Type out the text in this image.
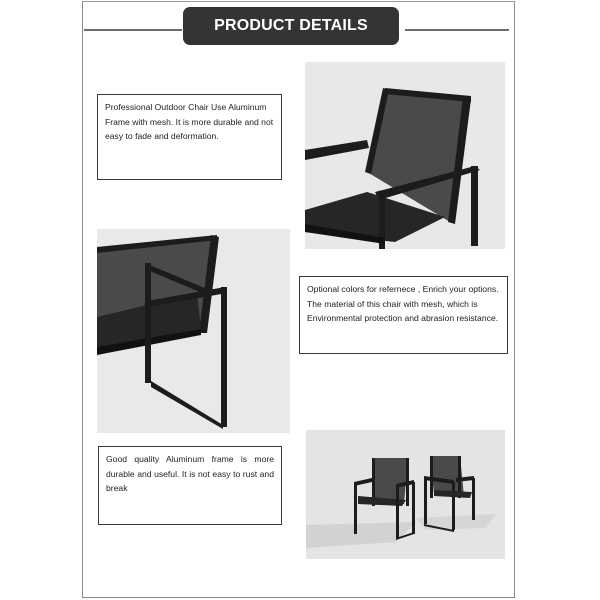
PRODUCT DETAILS
Professional Outdoor Chair Use Aluminum Frame with mesh. It is more durable and not easy to fade and deformation.
Optional colors for refernece , Enrich your options. The material of this chair with mesh, which is Environmental protection and abrasion resistance.
Good quality Aluminum frame is more durable and useful. It is not easy to rust and break
